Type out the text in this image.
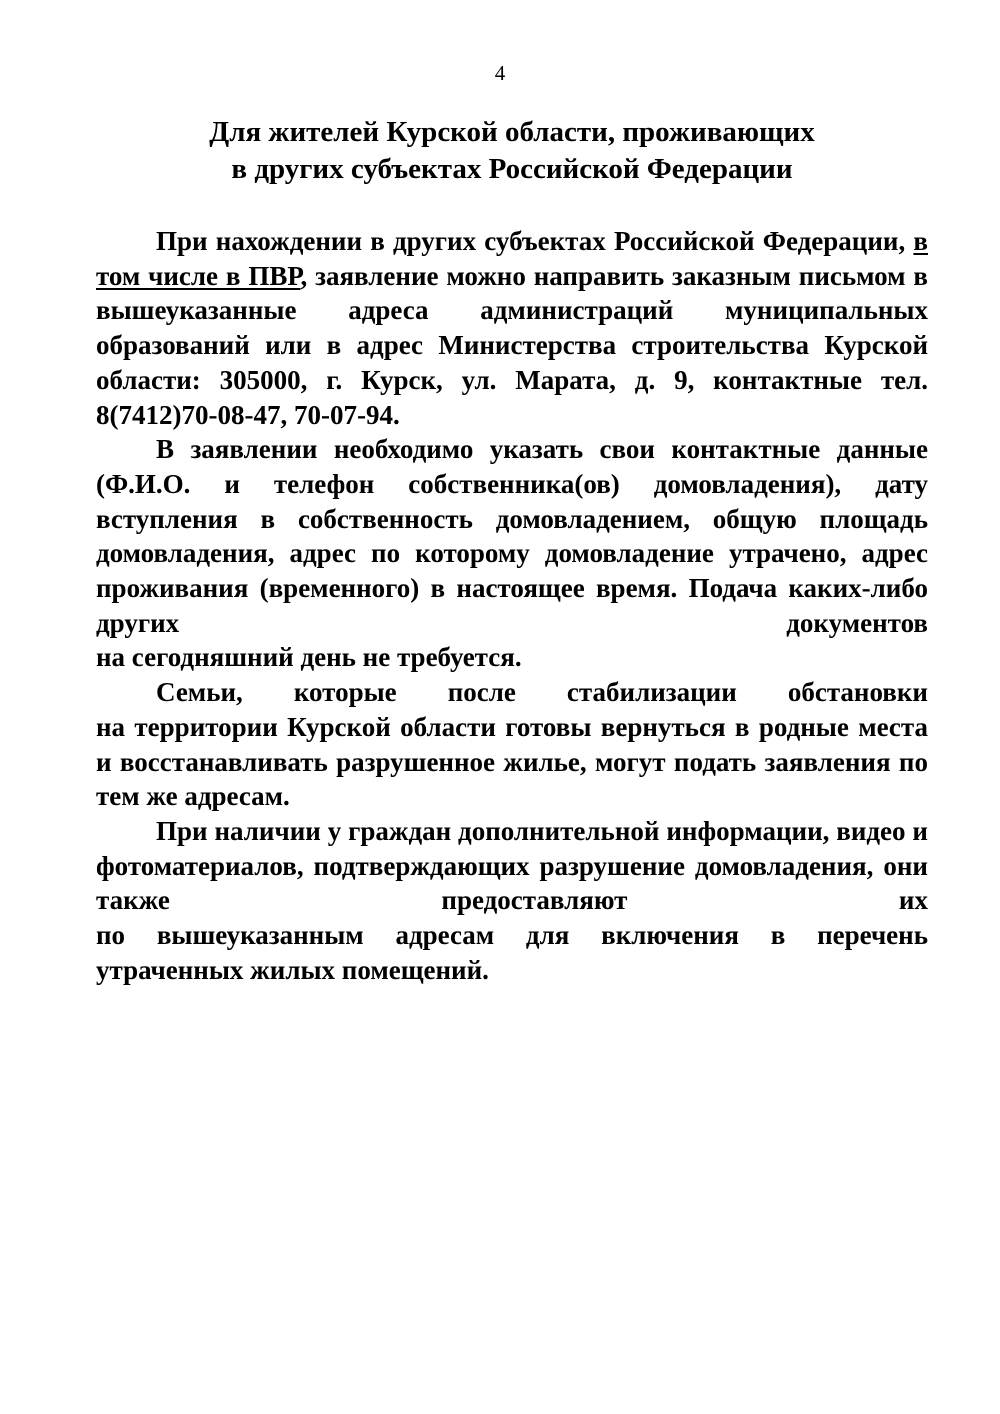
4
Для жителей Курской области, проживающих
в других субъектах Российской Федерации

При нахождении в других субъектах Российской Федерации, в том числе в ПВР, заявление можно направить заказным письмом в вышеуказанные адреса администраций муниципальных образований или в адрес Министерства строительства Курской области: 305000, г. Курск, ул. Марата, д. 9, контактные тел. 8(7412)70-08-47, 70-07-94.

В заявлении необходимо указать свои контактные данные (Ф.И.О. и телефон собственника(ов) домовладения), дату вступления в собственность домовладением, общую площадь домовладения, адрес по которому домовладение утрачено, адрес проживания (временного) в настоящее время. Подача каких-либо других документов

на сегодняшний день не требуется.

Семьи, которые после стабилизации обстановки

на территории Курской области готовы вернуться в родные места и восстанавливать разрушенное жилье, могут подать заявления по тем же адресам.

При наличии у граждан дополнительной информации, видео и фотоматериалов, подтверждающих разрушение домовладения, они также предоставляют их

по вышеуказанным адресам для включения в перечень утраченных жилых помещений.
